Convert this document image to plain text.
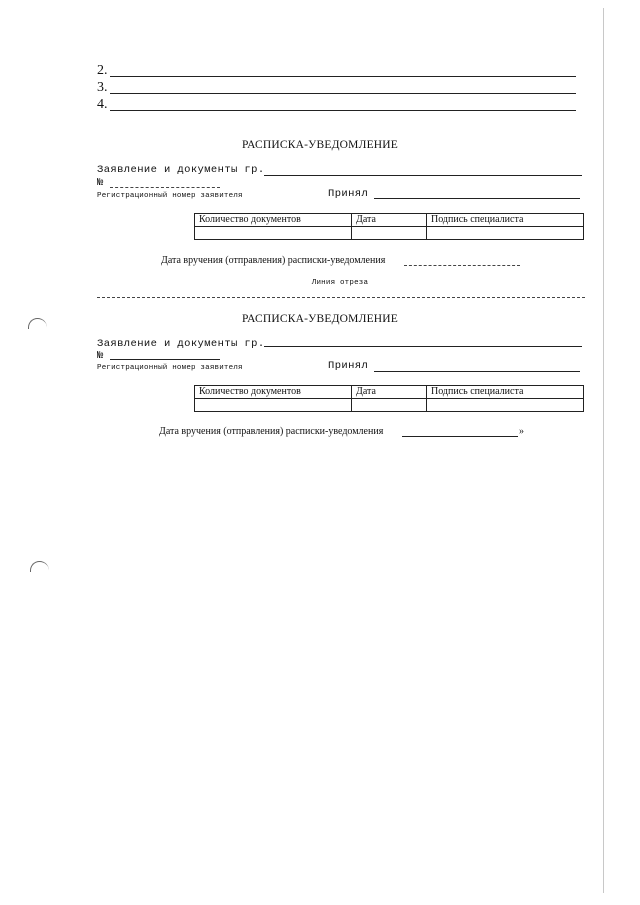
2.
3.
4.
РАСПИСКА-УВЕДОМЛЕНИЕ
Заявление и документы гр.
№
Регистрационный номер заявителя	Принял
Количество документов	Дата	Подпись специалиста

Дата вручения (отправления) расписки-уведомления
Линия отреза
РАСПИСКА-УВЕДОМЛЕНИЕ
Заявление и документы гр.
№
Регистрационный номер заявителя	Принял
Количество документов	Дата	Подпись специалиста

Дата вручения (отправления) расписки-уведомления	»
